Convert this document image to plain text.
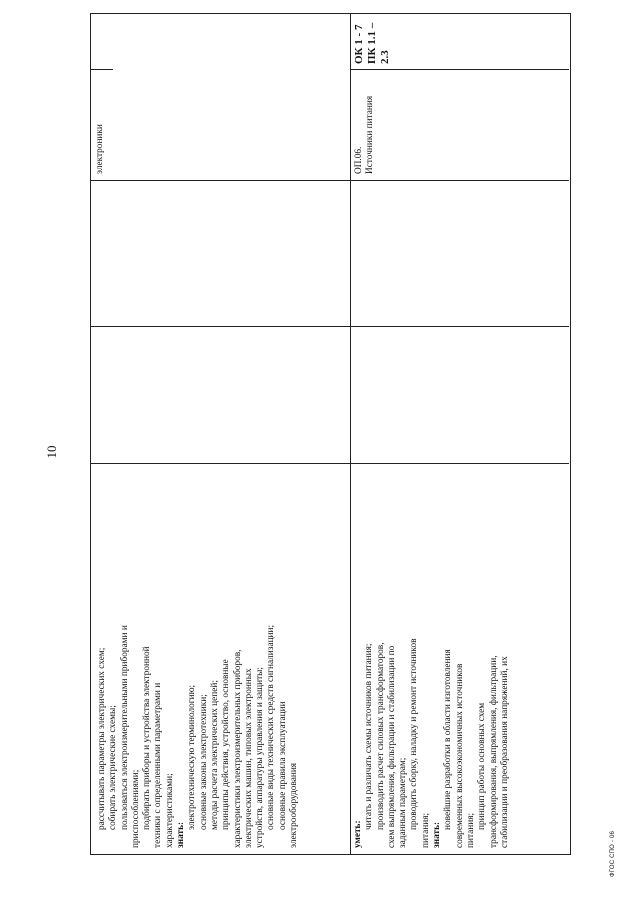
10
рассчитывать параметры электрических схем; собирать электрические схемы; пользоваться электроизмерительными приборами и приспособлениями; подбирать приборы и устройства электронной техники с определенными параметрами и характеристиками; знать:
электротехническую терминологию; основные законы электротехники; методы расчета электрических цепей; принципы действия, устройство, основные характеристики электроизмерительных приборов, электрических машин, типовых электронных устройств, аппаратуры управления и защиты; основные виды технических средств сигнализации; основные правила эксплуатации электрооборудования
электроники
уметь:
читать и различать схемы источников питания; производить расчет силовых трансформаторов, схем выпрямления, фильтрации и стабилизации по заданным параметрам; проводить сборку, наладку и ремонт источников
питания; знать:
новейшие разработки в области изготовления современных высокоэкономичных источников питания;
принцип работы основных схем трансформирования, выпрямления, фильтрации, стабилизации и преобразования напряжений, их
ОП.06. Источники питания
ОК 1 - 7 ПК 1.1 – 2.3
ФГОС СПО - 06
